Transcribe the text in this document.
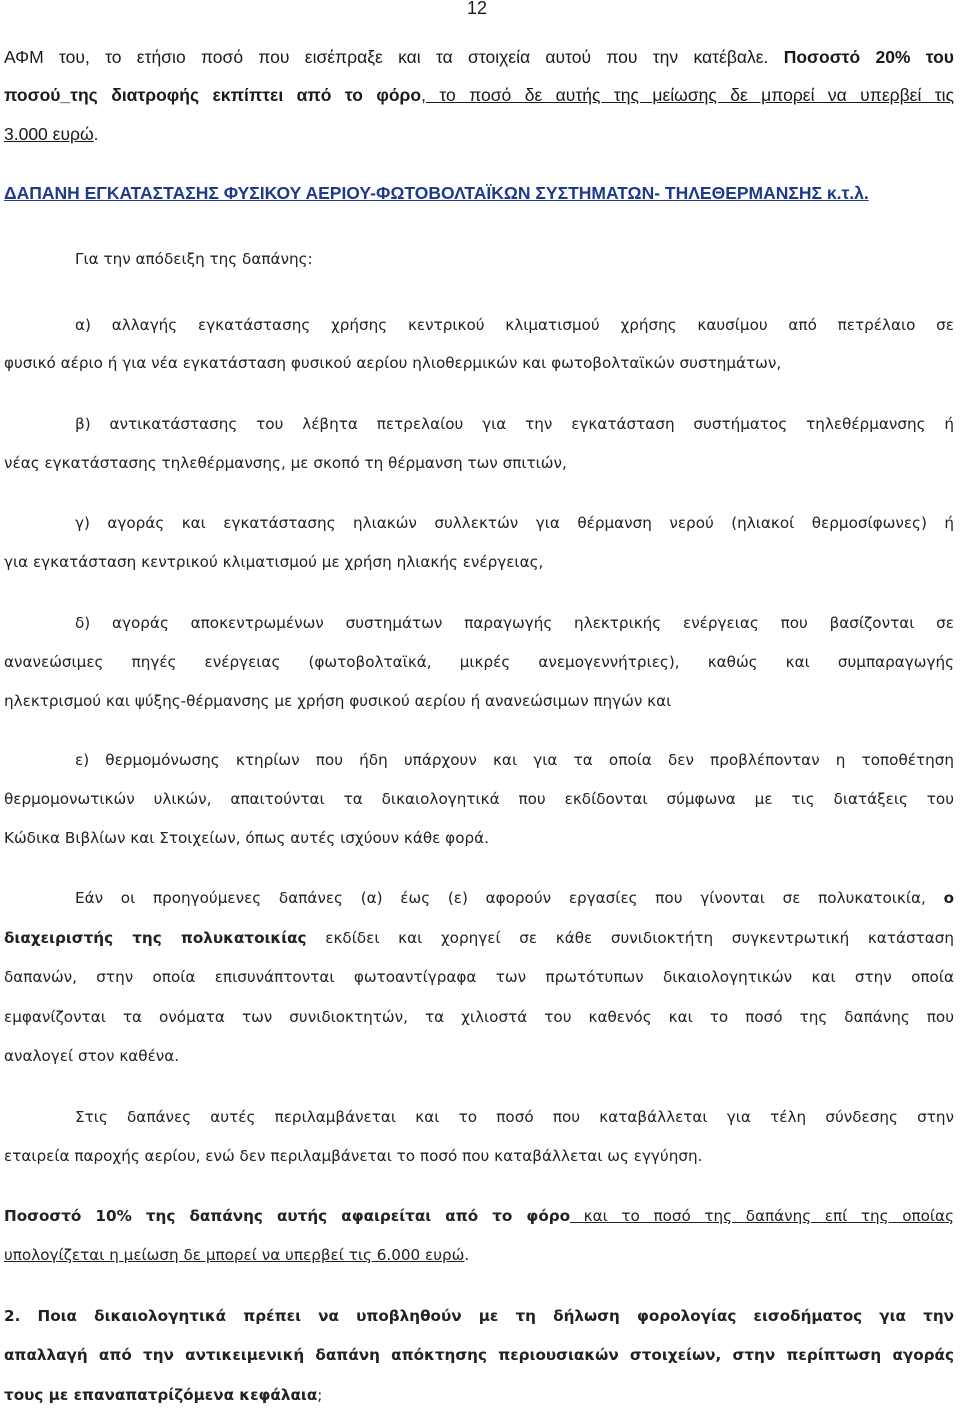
12
ΑΦΜ του, το ετήσιο ποσό που εισέπραξε και τα στοιχεία αυτού που την κατέβαλε. Ποσοστό 20% του
ποσού_της διατροφής εκπίπτει από το φόρο, το ποσό δε αυτής της μείωσης δε μπορεί να υπερβεί τις
3.000 ευρώ.
ΔΑΠΑΝΗ ΕΓΚΑΤΑΣΤΑΣΗΣ ΦΥΣΙΚΟΥ ΑΕΡΙΟΥ-ΦΩΤΟΒΟΛΤΑΪΚΩΝ ΣΥΣΤΗΜΑΤΩΝ- ΤΗΛΕΘΕΡΜΑΝΣΗΣ κ.τ.λ.
Για την απόδειξη της δαπάνης:
α) αλλαγής εγκατάστασης χρήσης κεντρικού κλιματισμού χρήσης καυσίμου από πετρέλαιο σε
φυσικό αέριο ή για νέα εγκατάσταση φυσικού αερίου ηλιοθερμικών και φωτοβολταϊκών συστημάτων,
β) αντικατάστασης του λέβητα πετρελαίου για την εγκατάσταση συστήματος τηλεθέρμανσης ή
νέας εγκατάστασης τηλεθέρμανσης, με σκοπό τη θέρμανση των σπιτιών,
γ) αγοράς και εγκατάστασης ηλιακών συλλεκτών για θέρμανση νερού (ηλιακοί θερμοσίφωνες) ή
για εγκατάσταση κεντρικού κλιματισμού με χρήση ηλιακής ενέργειας,
δ) αγοράς αποκεντρωμένων συστημάτων παραγωγής ηλεκτρικής ενέργειας που βασίζονται σε
ανανεώσιμες πηγές ενέργειας (φωτοβολταϊκά, μικρές ανεμογεννήτριες), καθώς και συμπαραγωγής
ηλεκτρισμού και ψύξης-θέρμανσης με χρήση φυσικού αερίου ή ανανεώσιμων πηγών και
ε) θερμομόνωσης κτηρίων που ήδη υπάρχουν και για τα οποία δεν προβλέπονταν η τοποθέτηση
θερμομονωτικών υλικών, απαιτούνται τα δικαιολογητικά που εκδίδονται σύμφωνα με τις διατάξεις του
Κώδικα Βιβλίων και Στοιχείων, όπως αυτές ισχύουν κάθε φορά.
Εάν οι προηγούμενες δαπάνες (α) έως (ε) αφορούν εργασίες που γίνονται σε πολυκατοικία, ο
διαχειριστής της πολυκατοικίας εκδίδει και χορηγεί σε κάθε συνιδιοκτήτη συγκεντρωτική κατάσταση
δαπανών, στην οποία επισυνάπτονται φωτοαντίγραφα των πρωτότυπων δικαιολογητικών και στην οποία
εμφανίζονται τα ονόματα των συνιδιοκτητών, τα χιλιοστά του καθενός και το ποσό της δαπάνης που
αναλογεί στον καθένα.
Στις δαπάνες αυτές περιλαμβάνεται και το ποσό που καταβάλλεται για τέλη σύνδεσης στην
εταιρεία παροχής αερίου, ενώ δεν περιλαμβάνεται το ποσό που καταβάλλεται ως εγγύηση.
Ποσοστό 10% της δαπάνης αυτής αφαιρείται από το φόρο και το ποσό της δαπάνης επί της οποίας
υπολογίζεται η μείωση δε μπορεί να υπερβεί τις 6.000 ευρώ.
2. Ποια δικαιολογητικά πρέπει να υποβληθούν με τη δήλωση φορολογίας εισοδήματος για την
απαλλαγή από την αντικειμενική δαπάνη απόκτησης περιουσιακών στοιχείων, στην περίπτωση αγοράς
τους με επαναπατρίζόμενα κεφάλαια;
